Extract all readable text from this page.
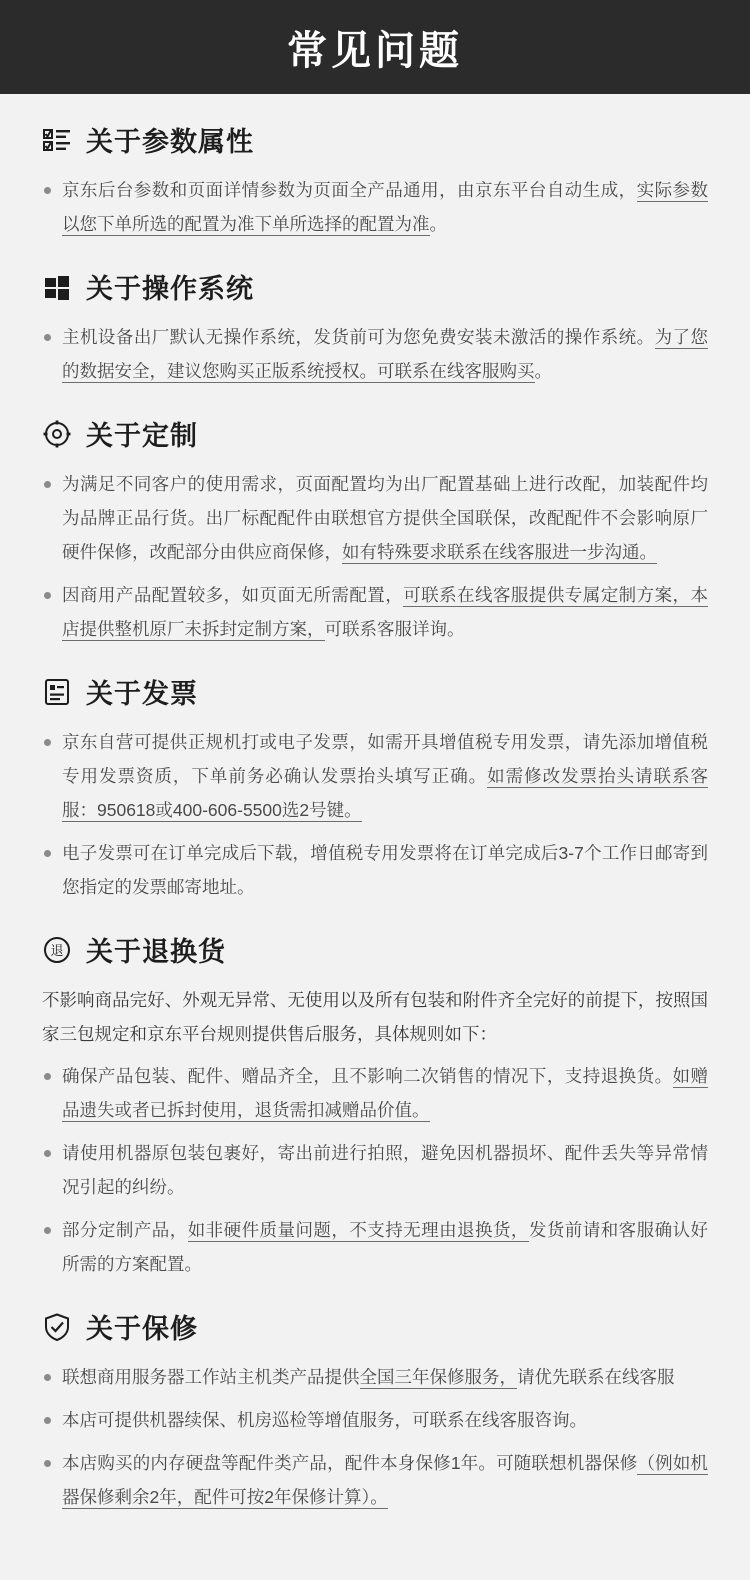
常见问题
关于参数属性
京东后台参数和页面详情参数为页面全产品通用，由京东平台自动生成，实际参数以您下单所选的配置为准下单所选择的配置为准。
关于操作系统
主机设备出厂默认无操作系统，发货前可为您免费安装未激活的操作系统。为了您的数据安全，建议您购买正版系统授权。可联系在线客服购买。
关于定制
为满足不同客户的使用需求，页面配置均为出厂配置基础上进行改配，加装配件均为品牌正品行货。出厂标配配件由联想官方提供全国联保，改配配件不会影响原厂硬件保修，改配部分由供应商保修，如有特殊要求联系在线客服进一步沟通。
因商用产品配置较多，如页面无所需配置，可联系在线客服提供专属定制方案，本店提供整机原厂未拆封定制方案，可联系客服详询。
关于发票
京东自营可提供正规机打或电子发票，如需开具增值税专用发票，请先添加增值税专用发票资质，下单前务必确认发票抬头填写正确。如需修改发票抬头请联系客服：950618或400-606-5500选2号键。
电子发票可在订单完成后下载，增值税专用发票将在订单完成后3-7个工作日邮寄到您指定的发票邮寄地址。
退 关于退换货

不影响商品完好、外观无异常、无使用以及所有包装和附件齐全完好的前提下，按照国家三包规定和京东平台规则提供售后服务，具体规则如下：

确保产品包装、配件、赠品齐全，且不影响二次销售的情况下，支持退换货。如赠品遗失或者已拆封使用，退货需扣减赠品价值。
请使用机器原包装包裹好，寄出前进行拍照，避免因机器损坏、配件丢失等异常情况引起的纠纷。
部分定制产品，如非硬件质量问题，不支持无理由退换货，发货前请和客服确认好所需的方案配置。
关于保修
联想商用服务器工作站主机类产品提供全国三年保修服务，请优先联系在线客服
本店可提供机器续保、机房巡检等增值服务，可联系在线客服咨询。
本店购买的内存硬盘等配件类产品，配件本身保修1年。可随联想机器保修（例如机器保修剩余2年，配件可按2年保修计算）。
